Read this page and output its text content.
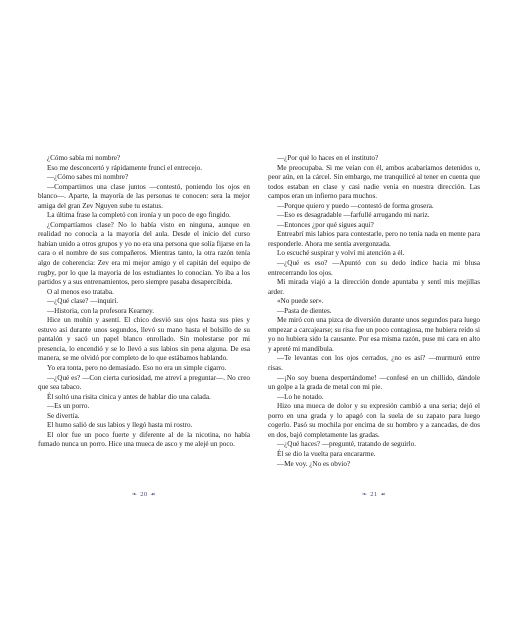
¿Cómo sabía mi nombre?

Eso me desconcertó y rápidamente fruncí el entrecejo.

—¿Cómo sabes mi nombre?

—Compartimos una clase juntos —contestó, poniendo los ojos en blanco—. Aparte, la mayoría de las personas te conocen: sera la mejor amiga del gran Zev Nguyen sube tu estatus.

La última frase la completó con ironía y un poco de ego fingido.

¿Compartíamos clase? No lo había visto en ninguna, aunque en realidad no conocía a la mayoría del aula. Desde el inicio del curso habían unido a otros grupos y yo no era una persona que solía fijarse en la cara o el nombre de sus compañeros. Mientras tanto, la otra razón tenía algo de coherencia: Zev era mi mejor amigo y el capitán del equipo de rugby, por lo que la mayoría de los estudiantes lo conocían. Yo iba a los partidos y a sus entrenamientos, pero siempre pasaba desapercibida.

O al menos eso trataba.

—¿Qué clase? —inquirí.

—Historia, con la profesora Kearney.

Hice un mohín y asentí. El chico desvió sus ojos hasta sus pies y estuvo así durante unos segundos, llevó su mano hasta el bolsillo de su pantalón y sacó un papel blanco enrollado. Sin molestarse por mi presencia, lo encendió y se lo llevó a sus labios sin pena alguna. De esa manera, se me olvidó por completo de lo que estábamos hablando.

Yo era tonta, pero no demasiado. Eso no era un simple cigarro.

—¿Qué es? —Con cierta curiosidad, me atreví a preguntar—. No creo que sea tabaco.

Él soltó una risita cínica y antes de hablar dio una calada.

—Es un porro.

Se divertía.

El humo salió de sus labios y llegó hasta mi rostro.

El olor fue un poco fuerte y diferente al de la nicotina, no había fumado nunca un porro. Hice una mueca de asco y me alejé un poco.

❧ 20 ☙

—¿Por qué lo haces en el instituto?

Me preocupaba. Si me veían con él, ambos acabaríamos detenidos o, peor aún, en la cárcel. Sin embargo, me tranquilicé al tener en cuenta que todos estaban en clase y casi nadie venía en nuestra dirección. Las campos eran un infierno para muchos.

—Porque quiero y puedo —contestó de forma grosera.

—Eso es desagradable —farfullé arrugando mi nariz.

—Entonces ¿por qué sigues aquí?

Entreabrí mis labios para contestarle, pero no tenía nada en mente para responderle. Ahora me sentía avergonzada.

Lo escuché suspirar y volví mi atención a él.

—¿Qué es eso? —Apuntó con su dedo índice hacia mi blusa entrecerrando los ojos.

Mi mirada viajó a la dirección donde apuntaba y sentí mis mejillas arder.

«No puede ser».

—Pasta de dientes.

Me miró con una pizca de diversión durante unos segundos para luego empezar a carcajearse; su risa fue un poco contagiosa, me hubiera reído si yo no hubiera sido la causante. Por esa misma razón, puse mi cara en alto y apreté mi mandíbula.

—Te levantas con los ojos cerrados, ¿no es así? —murmuró entre risas.

—¡No soy buena despertándome! —confesé en un chillido, dándole un golpe a la grada de metal con mi pie.

—Lo he notado.

Hizo una mueca de dolor y su expresión cambió a una seria; dejó el porro en una grada y lo apagó con la suela de su zapato para luego cogerlo. Pasó su mochila por encima de su hombro y a zancadas, de dos en dos, bajó completamente las gradas.

—¿Qué haces? —pregunté, tratando de seguirlo.

Él se dio la vuelta para encararme.

—Me voy. ¿No es obvio?

❧ 21 ☙
